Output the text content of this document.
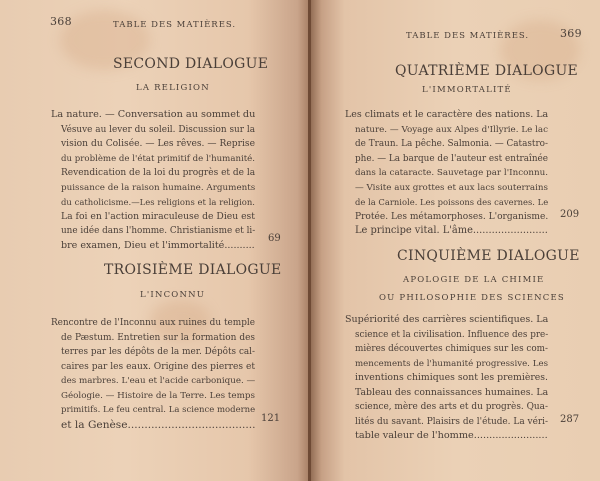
368	TABLE DES MATIÈRES.
SECOND DIALOGUE
LA RELIGION
La nature. — Conversation au sommet du
Vésuve au lever du soleil. Discussion sur la
vision du Colisée. — Les rêves. — Reprise
du problème de l'état primitif de l'humanité.
Revendication de la loi du progrès et de la
puissance de la raison humaine. Arguments
du catholicisme.—Les religions et la religion.
La foi en l'action miraculeuse de Dieu est
une idée dans l'homme. Christianisme et li-
bre examen, Dieu et l'immortalité..........
69
TROISIÈME DIALOGUE
L'INCONNU
Rencontre de l'Inconnu aux ruines du temple
de Pæstum. Entretien sur la formation des
terres par les dépôts de la mer. Dépôts cal-
caires par les eaux. Origine des pierres et
des marbres. L'eau et l'acide carbonique. —
Géologie. — Histoire de la Terre. Les temps
primitifs. Le feu central. La science moderne
et la Genèse...................................... 121
369
TABLE DES MATIÈRES.
QUATRIÈME DIALOGUE
L'IMMORTALITÉ
Les climats et le caractère des nations. La
nature. — Voyage aux Alpes d'Illyrie. Le lac
de Traun. La pêche. Salmonia. — Catastro-
phe. — La barque de l'auteur est entraînée
dans la cataracte. Sauvetage par l'Inconnu.
— Visite aux grottes et aux lacs souterrains
de la Carniole. Les poissons des cavernes. Le
Protée. Les métamorphoses. L'organisme.
Le principe vital. L'âme........................
209
CINQUIÈME DIALOGUE
APOLOGIE DE LA CHIMIE
OU PHILOSOPHIE DES SCIENCES
Supériorité des carrières scientifiques. La
science et la civilisation. Influence des pre-
mières découvertes chimiques sur les com-
mencements de l'humanité progressive. Les
inventions chimiques sont les premières.
Tableau des connaissances humaines. La
science, mère des arts et du progrès. Qua-
lités du savant. Plaisirs de l'étude. La véri-
table valeur de l'homme........................
287
